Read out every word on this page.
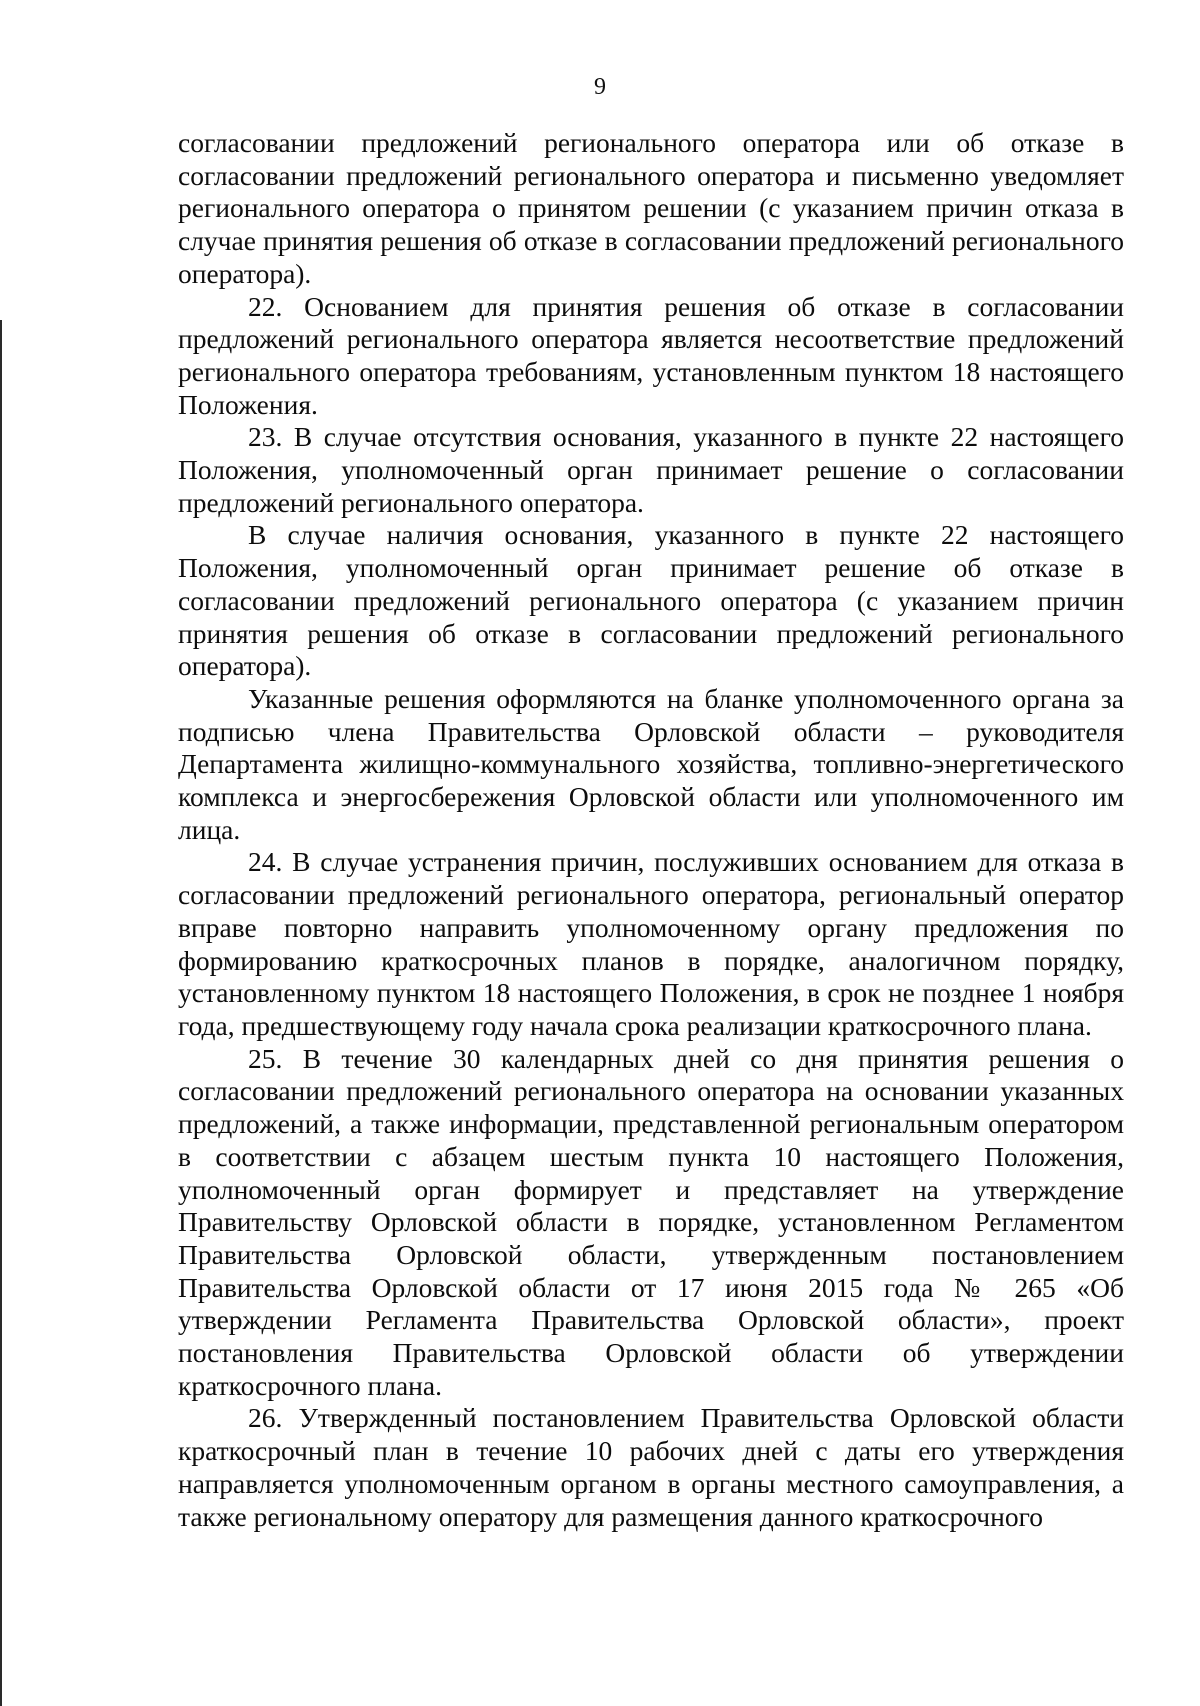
9

согласовании предложений регионального оператора или об отказе в согласовании предложений регионального оператора и письменно уведомляет регионального оператора о принятом решении (с указанием причин отказа в случае принятия решения об отказе в согласовании предложений регионального оператора).

22. Основанием для принятия решения об отказе в согласовании предложений регионального оператора является несоответствие предложений регионального оператора требованиям, установленным пунктом 18 настоящего Положения.

23. В случае отсутствия основания, указанного в пункте 22 настоящего Положения, уполномоченный орган принимает решение о согласовании предложений регионального оператора.

В случае наличия основания, указанного в пункте 22 настоящего Положения, уполномоченный орган принимает решение об отказе в согласовании предложений регионального оператора (с указанием причин принятия решения об отказе в согласовании предложений регионального оператора).

Указанные решения оформляются на бланке уполномоченного органа за подписью члена Правительства Орловской области – руководителя Департамента жилищно-коммунального хозяйства, топливно-энергетического комплекса и энергосбережения Орловской области или уполномоченного им лица.

24. В случае устранения причин, послуживших основанием для отказа в согласовании предложений регионального оператора, региональный оператор вправе повторно направить уполномоченному органу предложения по формированию краткосрочных планов в порядке, аналогичном порядку, установленному пунктом 18 настоящего Положения, в срок не позднее 1 ноября года, предшествующему году начала срока реализации краткосрочного плана.

25. В течение 30 календарных дней со дня принятия решения о согласовании предложений регионального оператора на основании указанных предложений, а также информации, представленной региональным оператором в соответствии с абзацем шестым пункта 10 настоящего Положения, уполномоченный орган формирует и представляет на утверждение Правительству Орловской области в порядке, установленном Регламентом Правительства Орловской области, утвержденным постановлением Правительства Орловской области от 17 июня 2015 года № 265 «Об утверждении Регламента Правительства Орловской области», проект постановления Правительства Орловской области об утверждении краткосрочного плана.

26. Утвержденный постановлением Правительства Орловской области краткосрочный план в течение 10 рабочих дней с даты его утверждения направляется уполномоченным органом в органы местного самоуправления, а также региональному оператору для размещения данного краткосрочного
